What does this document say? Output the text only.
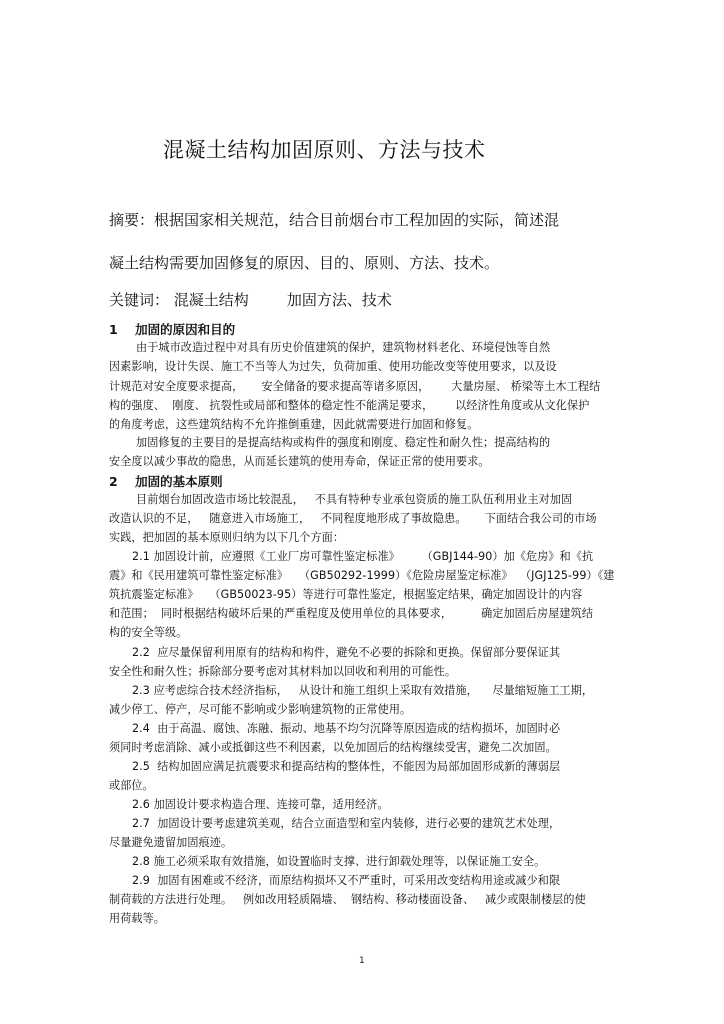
混凝土结构加固原则、方法与技术
摘要：根据国家相关规范，结合目前烟台市工程加固的实际，简述混
凝土结构需要加固修复的原因、目的、原则、方法、技术。
关键词： 混凝土结构        加固方法、技术
1    加固的原因和目的
由于城市改造过程中对具有历史价值建筑的保护，建筑物材料老化、环境侵蚀等自然
因素影响，设计失误、施工不当等人为过失，负荷加重、使用功能改变等使用要求，以及设
计规范对安全度要求提高，     安全储备的要求提高等诸多原因，      大量房屋、 桥梁等土木工程结
构的强度、  刚度、 抗裂性或局部和整体的稳定性不能满足要求，      以经济性角度或从文化保护
的角度考虑，这些建筑结构不允许推倒重建，因此就需要进行加固和修复。
加固修复的主要目的是提高结构或构件的强度和刚度、稳定性和耐久性；提高结构的
安全度以减少事故的隐患，从而延长建筑的使用寿命，保证正常的使用要求。
2    加固的基本原则
目前烟台加固改造市场比较混乱，   不具有特种专业承包资质的施工队伍利用业主对加固
改造认识的不足，   随意进入市场施工，   不同程度地形成了事故隐患。     下面结合我公司的市场
实践，把加固的基本原则归纳为以下几个方面：
2.1 加固设计前，应遵照《工业厂房可靠性鉴定标准》      （GBJ144-90）加《危房》和《抗
震》和《民用建筑可靠性鉴定标准》   （GB50292-1999）《危险房屋鉴定标准》  （JGJ125-99）《建
筑抗震鉴定标准》   （GB50023-95）等进行可靠性鉴定，根据鉴定结果，确定加固设计的内容
和范围；  同时根据结构破坏后果的严重程度及使用单位的具体要求，        确定加固后房屋建筑结
构的安全等级。
2.2  应尽量保留利用原有的结构和构件，避免不必要的拆除和更换。保留部分要保证其
安全性和耐久性；拆除部分要考虑对其材料加以回收和利用的可能性。
2.3 应考虑综合技术经济指标，   从设计和施工组织上采取有效措施，    尽量缩短施工工期，
减少停工、停产，尽可能不影响或少影响建筑物的正常使用。
2.4  由于高温、腐蚀、冻融、振动、地基不均匀沉降等原因造成的结构损坏，加固时必
须同时考虑消除、减小或抵御这些不利因素，以免加固后的结构继续受害，避免二次加固。
2.5  结构加固应满足抗震要求和提高结构的整体性，不能因为局部加固形成新的薄弱层
或部位。
2.6 加固设计要求构造合理、连接可靠，适用经济。
2.7  加固设计要考虑建筑美观，结合立面造型和室内装修，进行必要的建筑艺术处理，
尽量避免遗留加固痕迹。
2.8 施工必须采取有效措施，如设置临时支撑、进行卸载处理等，以保证施工安全。
2.9  加固有困难或不经济，而原结构损坏又不严重时，可采用改变结构用途或减少和限
制荷载的方法进行处理。   例如改用轻质隔墙、  钢结构、移动楼面设备、   减少或限制楼层的使
用荷载等。
1
